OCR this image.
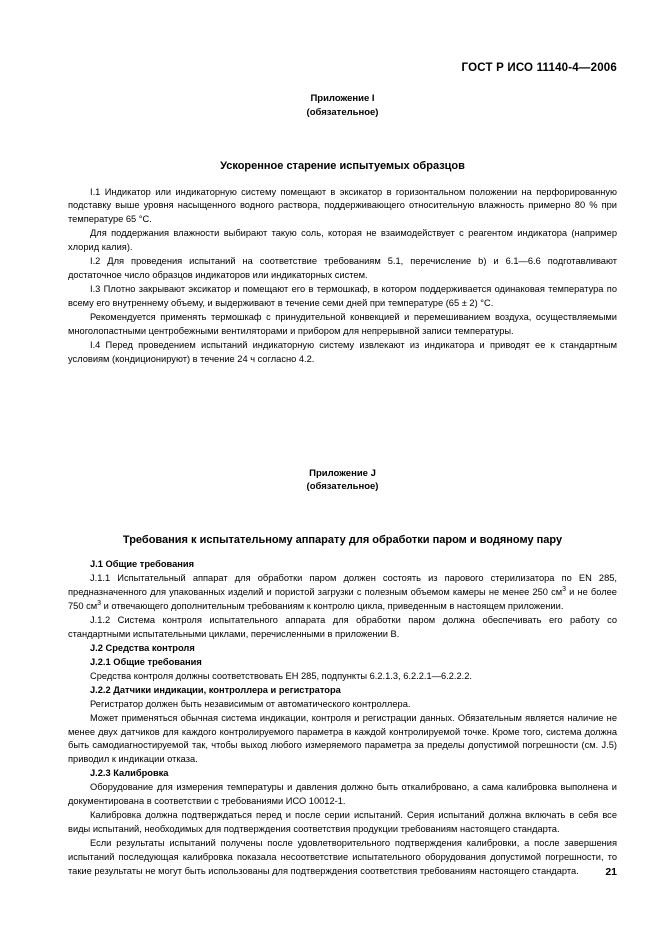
ГОСТ Р ИСО 11140-4—2006
Приложение I
(обязательное)
Ускоренное старение испытуемых образцов

I.1 Индикатор или индикаторную систему помещают в эксикатор в горизонтальном положении на перфорированную подставку выше уровня насыщенного водного раствора, поддерживающего относительную влажность примерно 80 % при температуре 65 °С.

Для поддержания влажности выбирают такую соль, которая не взаимодействует с реагентом индикатора (например хлорид калия).

I.2 Для проведения испытаний на соответствие требованиям 5.1, перечисление b) и 6.1—6.6 подготавливают достаточное число образцов индикаторов или индикаторных систем.

I.3 Плотно закрывают эксикатор и помещают его в термошкаф, в котором поддерживается одинаковая температура по всему его внутреннему объему, и выдерживают в течение семи дней при температуре (65 ± 2) °С.

Рекомендуется применять термошкаф с принудительной конвекцией и перемешиванием воздуха, осуществляемыми многолопастными центробежными вентиляторами и прибором для непрерывной записи температуры.

I.4 Перед проведением испытаний индикаторную систему извлекают из индикатора и приводят ее к стандартным условиям (кондиционируют) в течение 24 ч согласно 4.2.

Приложение J
(обязательное)
Требования к испытательному аппарату для обработки паром и водяному пару
J.1 Общие требования

J.1.1 Испытательный аппарат для обработки паром должен состоять из парового стерилизатора по EN 285, предназначенного для упакованных изделий и пористой загрузки с полезным объемом камеры не менее 250 $см^3$ и не более 750 $см^3$ и отвечающего дополнительным требованиям к контролю цикла, приведенным в настоящем приложении.

J.1.2 Система контроля испытательного аппарата для обработки паром должна обеспечивать его работу со стандартными испытательными циклами, перечисленными в приложении B.

J.2 Средства контроля
J.2.1 Общие требования

Средства контроля должны соответствовать EH 285, подпункты 6.2.1.3, 6.2.2.1—6.2.2.2.

J.2.2 Датчики индикации, контроллера и регистратора

Регистратор должен быть независимым от автоматического контроллера.

Может применяться обычная система индикации, контроля и регистрации данных. Обязательным является наличие не менее двух датчиков для каждого контролируемого параметра в каждой контролируемой точке. Кроме того, система должна быть самодиагностируемой так, чтобы выход любого измеряемого параметра за пределы допустимой погрешности (см. J.5) приводил к индикации отказа.

J.2.3 Калибровка

Оборудование для измерения температуры и давления должно быть откалибровано, а сама калибровка выполнена и документирована в соответствии с требованиями ИСО 10012-1.

Калибровка должна подтверждаться перед и после серии испытаний. Серия испытаний должна включать в себя все виды испытаний, необходимых для подтверждения соответствия продукции требованиям настоящего стандарта.

Если результаты испытаний получены после удовлетворительного подтверждения калибровки, а после завершения испытаний последующая калибровка показала несоответствие испытательного оборудования допустимой погрешности, то такие результаты не могут быть использованы для подтверждения соответствия требованиям настоящего стандарта.	21
